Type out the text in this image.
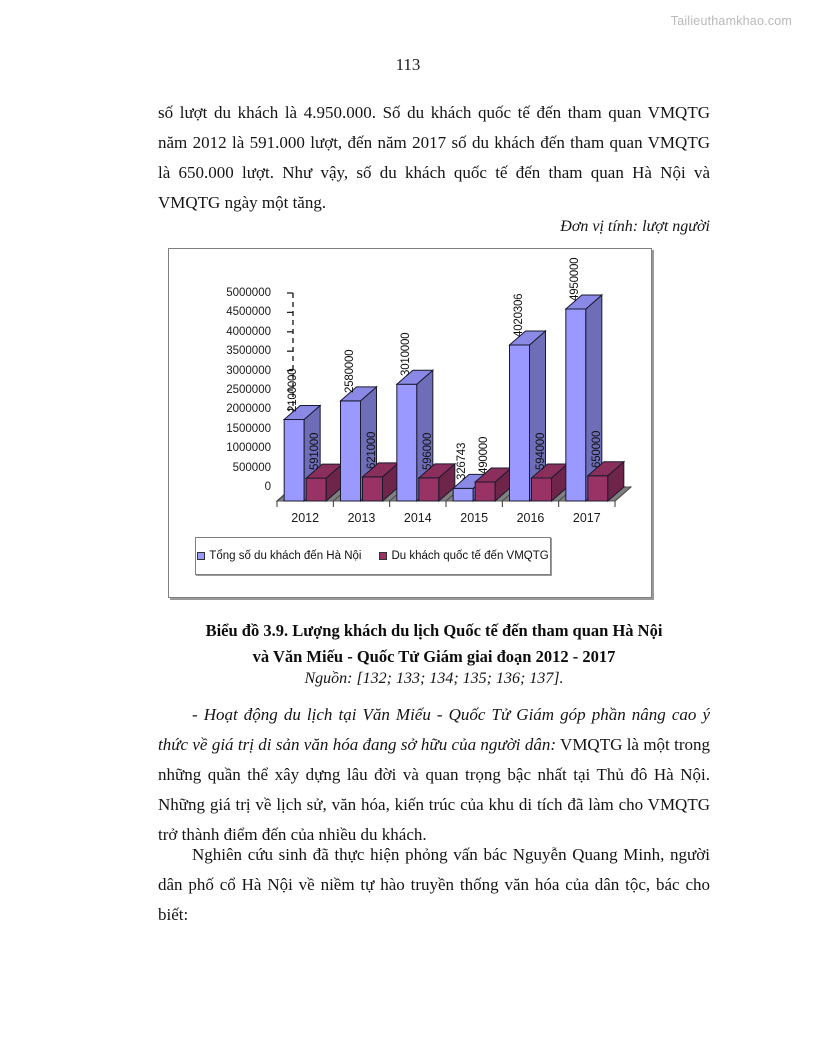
Tailieuthamkhao.com
113

số lượt du khách là 4.950.000. Số du khách quốc tế đến tham quan VMQTG năm 2012 là 591.000 lượt, đến năm 2017 số du khách đến tham quan VMQTG là 650.000 lượt. Như vậy, số du khách quốc tế đến tham quan Hà Nội và VMQTG ngày một tăng.

Đơn vị tính: lượt người
5000000
4500000
4000000
3500000
3000000
2500000
2000000
1500000
1000000
500000
0
2012	2013	2014	2015	2016	2017
2100000
591000
2580000
621000
3010000
596000 326743 490000
4020306
594000
4950000
650000
Tổng số du khách đến Hà Nội	Du khách quốc tế đến VMQTG
Biểu đồ 3.9. Lượng khách du lịch Quốc tế đến tham quan Hà Nội
và Văn Miếu - Quốc Tử Giám giai đoạn 2012 - 2017
Nguồn: [132; 133; 134; 135; 136; 137].

- Hoạt động du lịch tại Văn Miếu - Quốc Tử Giám góp phần nâng cao ý thức về giá trị di sản văn hóa đang sở hữu của người dân: VMQTG là một trong những quần thể xây dựng lâu đời và quan trọng bậc nhất tại Thủ đô Hà Nội. Những giá trị về lịch sử, văn hóa, kiến trúc của khu di tích đã làm cho VMQTG trở thành điểm đến của nhiều du khách.

Nghiên cứu sinh đã thực hiện phỏng vấn bác Nguyễn Quang Minh, người dân phố cổ Hà Nội về niềm tự hào truyền thống văn hóa của dân tộc, bác cho biết:
